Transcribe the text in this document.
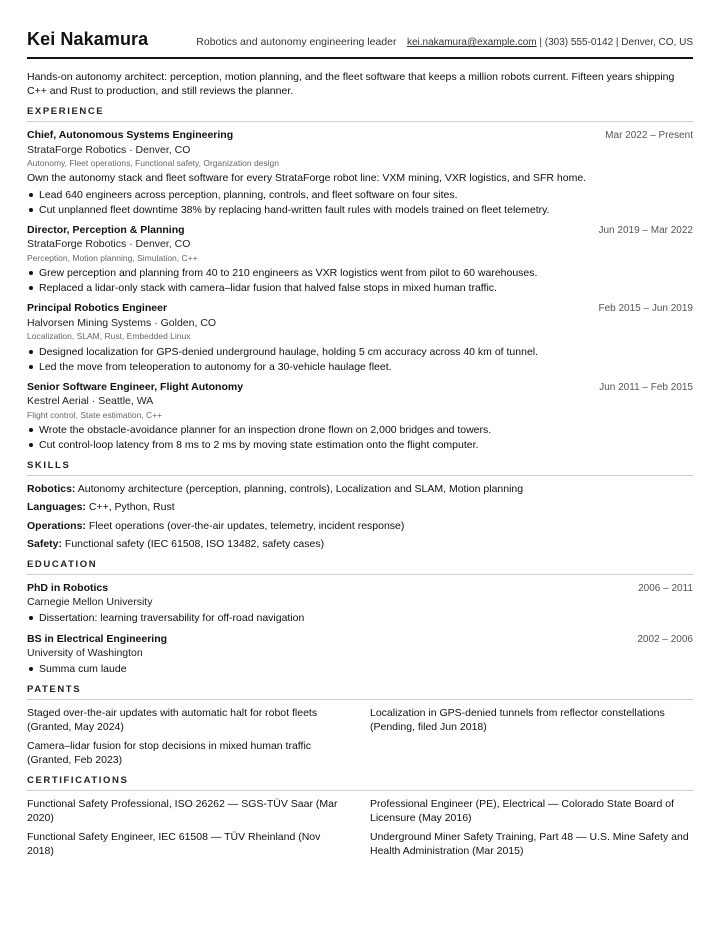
Kei Nakamura	Robotics and autonomy engineering leader	kei.nakamura@example.com | (303) 555-0142 | Denver, CO, US

Hands-on autonomy architect: perception, motion planning, and the fleet software that keeps a million robots current. Fifteen years shipping C++ and Rust to production, and still reviews the planner.

EXPERIENCE
Chief, Autonomous Systems Engineering	Mar 2022 – Present
StrataForge Robotics · Denver, CO
Autonomy, Fleet operations, Functional safety, Organization design
Own the autonomy stack and fleet software for every StrataForge robot line: VXM mining, VXR logistics, and SFR home.
Lead 640 engineers across perception, planning, controls, and fleet software on four sites.
Cut unplanned fleet downtime 38% by replacing hand-written fault rules with models trained on fleet telemetry.
Director, Perception & Planning	Jun 2019 – Mar 2022
StrataForge Robotics · Denver, CO
Perception, Motion planning, Simulation, C++
Grew perception and planning from 40 to 210 engineers as VXR logistics went from pilot to 60 warehouses.
Replaced a lidar-only stack with camera–lidar fusion that halved false stops in mixed human traffic.
Principal Robotics Engineer	Feb 2015 – Jun 2019
Halvorsen Mining Systems · Golden, CO
Localization, SLAM, Rust, Embedded Linux
Designed localization for GPS-denied underground haulage, holding 5 cm accuracy across 40 km of tunnel.
Led the move from teleoperation to autonomy for a 30-vehicle haulage fleet.
Senior Software Engineer, Flight Autonomy	Jun 2011 – Feb 2015
Kestrel Aerial · Seattle, WA
Flight control, State estimation, C++
Wrote the obstacle-avoidance planner for an inspection drone flown on 2,000 bridges and towers.
Cut control-loop latency from 8 ms to 2 ms by moving state estimation onto the flight computer.
SKILLS
Robotics: Autonomy architecture (perception, planning, controls), Localization and SLAM, Motion planning
Languages: C++, Python, Rust
Operations: Fleet operations (over-the-air updates, telemetry, incident response)
Safety: Functional safety (IEC 61508, ISO 13482, safety cases)
EDUCATION
PhD in Robotics	2006 – 2011
Carnegie Mellon University
Dissertation: learning traversability for off-road navigation
BS in Electrical Engineering	2002 – 2006
University of Washington
Summa cum laude
PATENTS
Staged over-the-air updates with automatic halt for robot fleets (Granted, May 2024)
Localization in GPS-denied tunnels from reflector constellations (Pending, filed Jun 2018)
Camera–lidar fusion for stop decisions in mixed human traffic (Granted, Feb 2023)
CERTIFICATIONS
Functional Safety Professional, ISO 26262 — SGS-TÜV Saar (Mar 2020)
Professional Engineer (PE), Electrical — Colorado State Board of Licensure (May 2016)
Functional Safety Engineer, IEC 61508 — TÜV Rheinland (Nov 2018)
Underground Miner Safety Training, Part 48 — U.S. Mine Safety and Health Administration (Mar 2015)
